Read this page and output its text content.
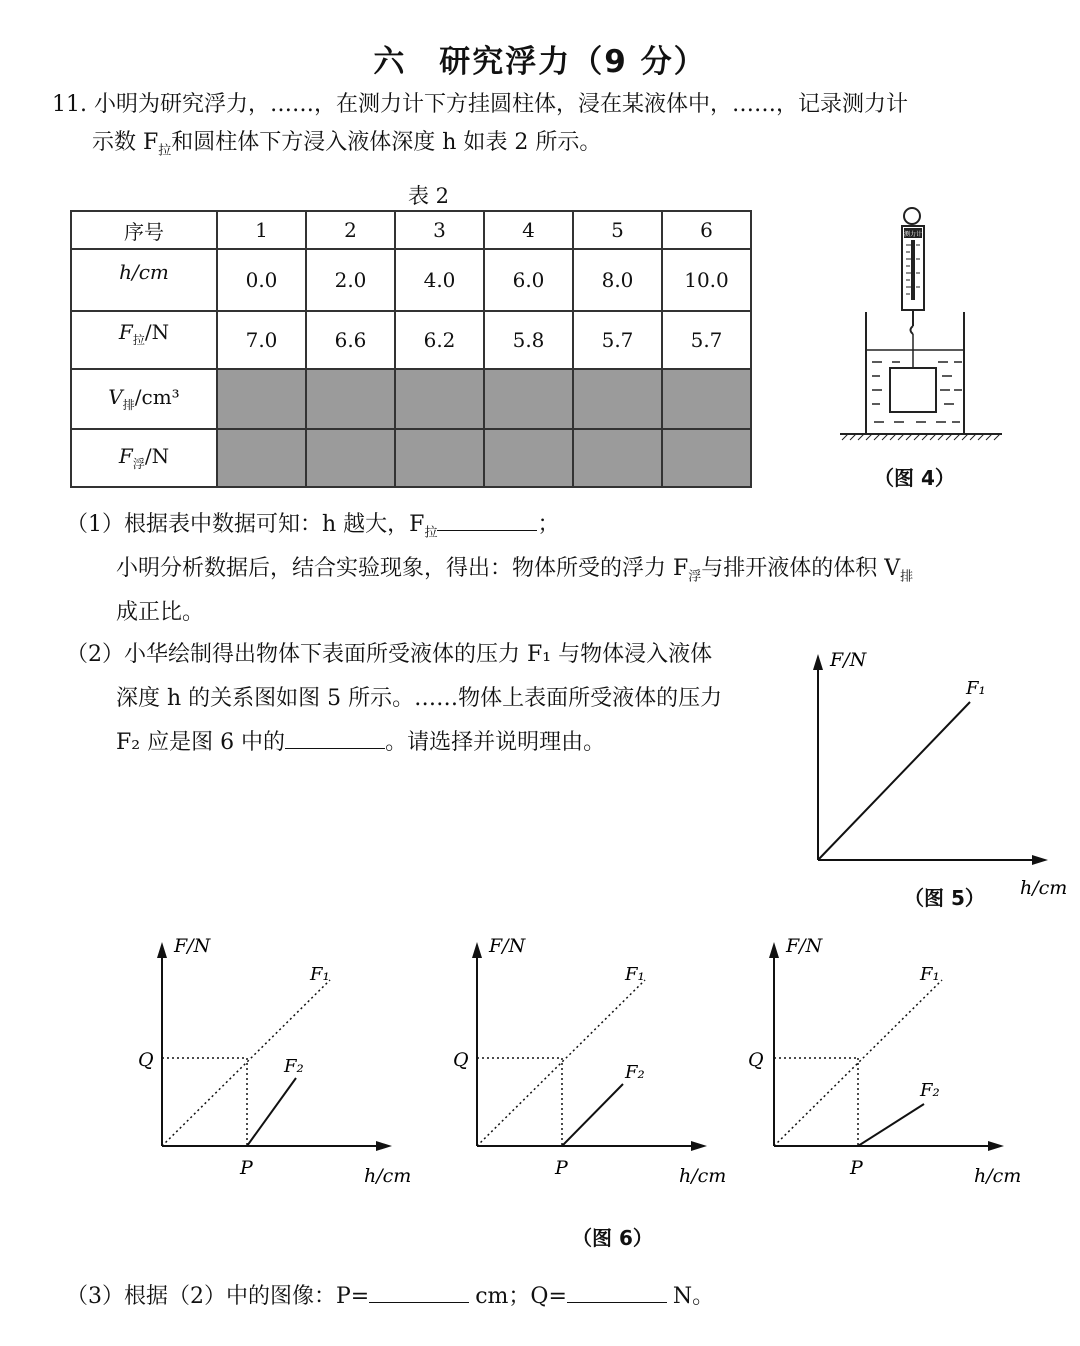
六　研究浮力（9 分）
11. 小明为研究浮力，……，在测力计下方挂圆柱体，浸在某液体中，……，记录测力计
示数 $F_拉$和圆柱体下方浸入液体深度 h 如表 2 所示。
表 2
序号	1	2	3	4	5	6
h/cm	0.0	2.0	4.0	6.0	8.0	10.0
$F_拉/N$	7.0	6.6	6.2	5.8	5.7	5.7
$V_排$/cm³						
$F_浮/N$						
测力计
（图 4）
（1）根据表中数据可知：h 越大，$F_拉$	；
小明分析数据后，结合实验现象，得出：物体所受的浮力 $F_浮$与排开液体的体积 $V_排$
成正比。
（2）小华绘制得出物体下表面所受液体的压力 F₁ 与物体浸入液体
深度 h 的关系图如图 5 所示。……物体上表面所受液体的压力
F₂ 应是图 6 中的	。请选择并说明理由。
F/N
F₁
h/cm
（图 5）
F/N
F₁
F₂
Q
P	h/cm
F/N
F₁
F₂
Q
P	h/cm
F/N
F₁
F₂
Q
P	h/cm
（图 6）
（3）根据（2）中的图像：P=	cm；Q=	N。
